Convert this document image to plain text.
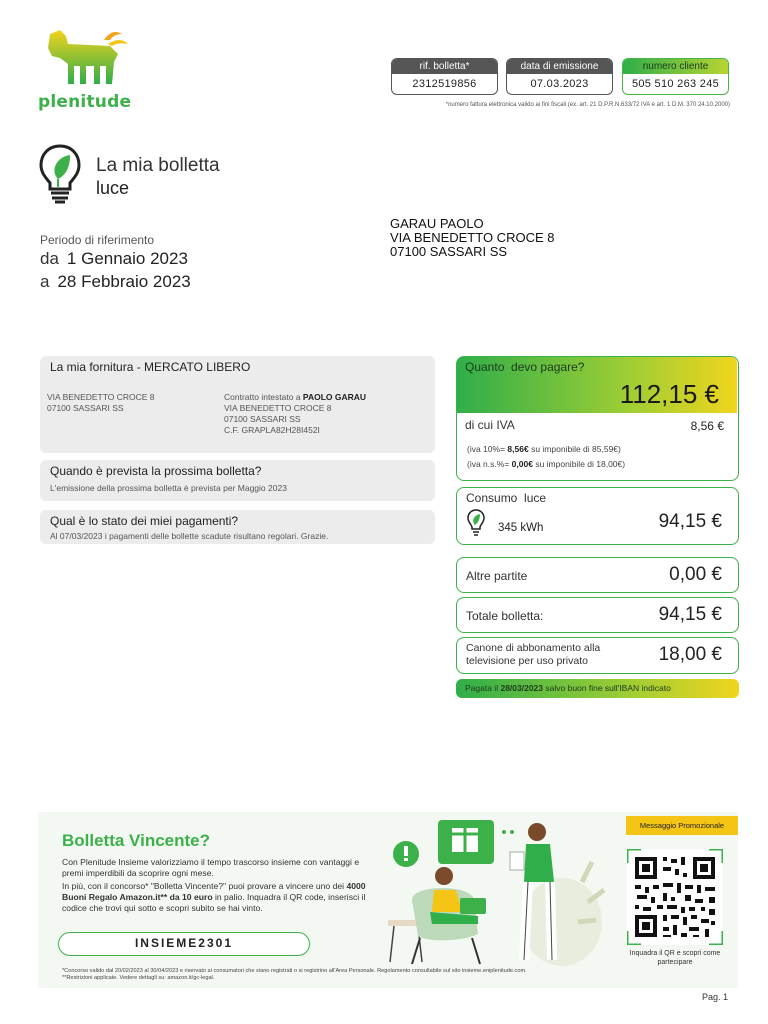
plenitude
rif. bolletta*
2312519856
data di emissione
07.03.2023
numero cliente
505 510 263 245
*numero fattura elettronica valido ai fini fiscali (ex. art. 21 D.P.R.N.633/72 IVA e art. 1 D.M. 370 24.10.2000)
La mia bolletta
luce
Periodo di riferimento
da 1 Gennaio 2023
a 28 Febbraio 2023
GARAU PAOLO
VIA BENEDETTO CROCE 8
07100 SASSARI SS
La mia fornitura - MERCATO LIBERO
VIA BENEDETTO CROCE 8
07100 SASSARI SS
Contratto intestato a PAOLO GARAU
VIA BENEDETTO CROCE 8
07100 SASSARI SS
C.F. GRAPLA82H28I452I
Quando è prevista la prossima bolletta?
L'emissione della prossima bolletta è prevista per Maggio 2023
Qual è lo stato dei miei pagamenti?
Al 07/03/2023 i pagamenti delle bollette scadute risultano regolari. Grazie.
Quanto devo pagare?
112,15 €
di cui IVA	8,56 €
(iva 10%= 8,56€ su imponibile di 85,59€)
(iva n.s.%= 0,00€ su imponibile di 18,00€)
Consumo luce
345 kWh	94,15 €
Altre partite	0,00 €
Totale bolletta:	94,15 €
Canone di abbonamento alla
televisione per uso privato	18,00 €
Pagata il 28/03/2023 salvo buon fine sull'IBAN indicato
Bolletta Vincente?
Con Plenitude Insieme valorizziamo il tempo trascorso insieme con vantaggi e premi imperdibili da scoprire ogni mese.
In più, con il concorso* "Bolletta Vincente?" puoi provare a vincere uno dei 4000 Buoni Regalo Amazon.it** da 10 euro in palio. Inquadra il QR code, inserisci il codice che trovi qui sotto e scopri subito se hai vinto.
INSIEME2301
*Concorso valido dal 20/02/2023 al 30/04/2023 e riservato ai consumatori che siano registrati o si registrino all'Area Personale. Regolamento consultabile sul sito insieme.eniplenitude.com.
**Restrizioni applicate. Vedere dettagli su: amazon.it/gc-legal.
Messaggio Promozionale
Inquadra il QR e scopri come partecipare
Pag. 1
